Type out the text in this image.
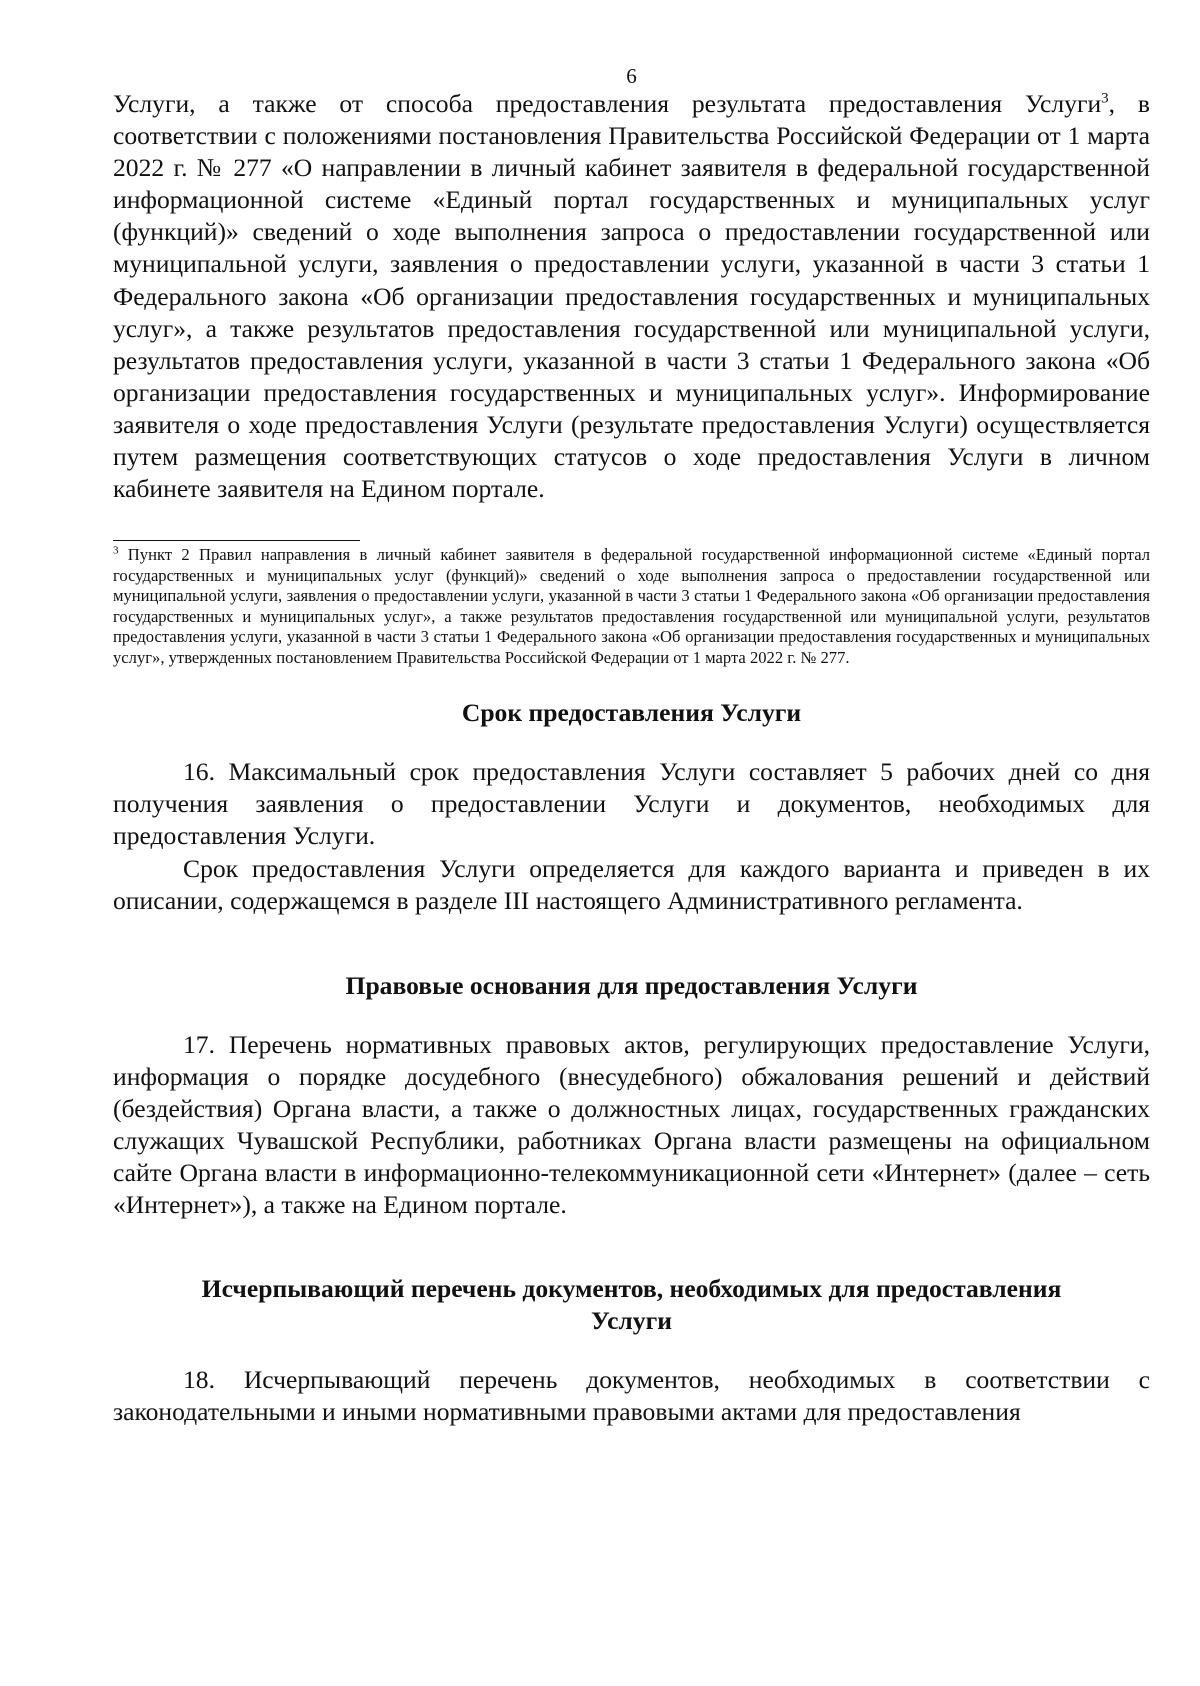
6

Услуги, а также от способа предоставления результата предоставления Услуги$^3$, в соответствии с положениями постановления Правительства Российской Федерации от 1 марта 2022 г. № 277 «О направлении в личный кабинет заявителя в федеральной государственной информационной системе «Единый портал государственных и муниципальных услуг (функций)» сведений о ходе выполнения запроса о предоставлении государственной или муниципальной услуги, заявления о предоставлении услуги, указанной в части 3 статьи 1 Федерального закона «Об организации предоставления государственных и муниципальных услуг», а также результатов предоставления государственной или муниципальной услуги, результатов предоставления услуги, указанной в части 3 статьи 1 Федерального закона «Об организации предоставления государственных и муниципальных услуг». Информирование заявителя о ходе предоставления Услуги (результате предоставления Услуги) осуществляется путем размещения соответствующих статусов о ходе предоставления Услуги в личном кабинете заявителя на Едином портале.

$^3$ Пункт 2 Правил направления в личный кабинет заявителя в федеральной государственной информационной системе «Единый портал государственных и муниципальных услуг (функций)» сведений о ходе выполнения запроса о предоставлении государственной или муниципальной услуги, заявления о предоставлении услуги, указанной в части 3 статьи 1 Федерального закона «Об организации предоставления государственных и муниципальных услуг», а также результатов предоставления государственной или муниципальной услуги, результатов предоставления услуги, указанной в части 3 статьи 1 Федерального закона «Об организации предоставления государственных и муниципальных услуг», утвержденных постановлением Правительства Российской Федерации от 1 марта 2022 г. № 277.

Срок предоставления Услуги

16. Максимальный срок предоставления Услуги составляет 5 рабочих дней со дня получения заявления о предоставлении Услуги и документов, необходимых для предоставления Услуги.

Срок предоставления Услуги определяется для каждого варианта и приведен в их описании, содержащемся в разделе III настоящего Административного регламента.

Правовые основания для предоставления Услуги

17. Перечень нормативных правовых актов, регулирующих предоставление Услуги, информация о порядке досудебного (внесудебного) обжалования решений и действий (бездействия) Органа власти, а также о должностных лицах, государственных гражданских служащих Чувашской Республики, работниках Органа власти размещены на официальном сайте Органа власти в информационно-телекоммуникационной сети «Интернет» (далее – сеть «Интернет»), а также на Едином портале.

Исчерпывающий перечень документов, необходимых для предоставления
Услуги

18. Исчерпывающий перечень документов, необходимых в соответствии с законодательными и иными нормативными правовыми актами для предоставления
